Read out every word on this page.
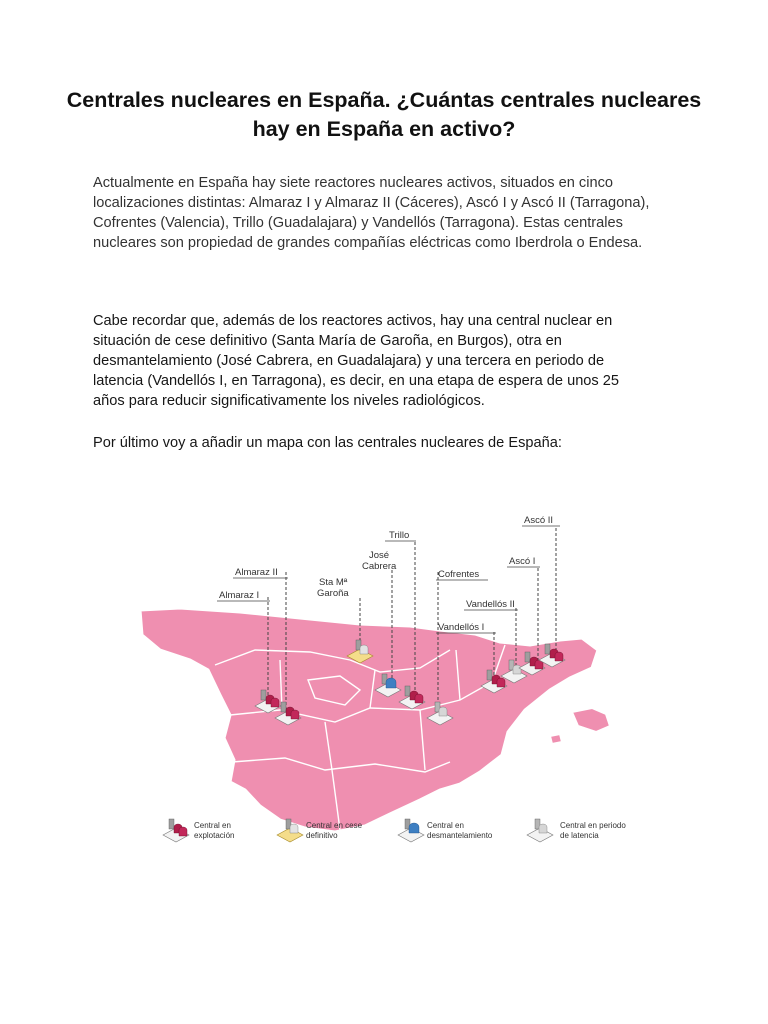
Centrales nucleares en España. ¿Cuántas centrales nucleares hay en España en activo?

Actualmente en España hay siete reactores nucleares activos, situados en cinco localizaciones distintas: Almaraz I y Almaraz II (Cáceres), Ascó I y Ascó II (Tarragona), Cofrentes (Valencia), Trillo (Guadalajara) y Vandellós (Tarragona). Estas centrales nucleares son propiedad de grandes compañías eléctricas como Iberdrola o Endesa.

Cabe recordar que, además de los reactores activos, hay una central nuclear en situación de cese definitivo (Santa María de Garoña, en Burgos), otra en desmantelamiento (José Cabrera, en Guadalajara) y una tercera en periodo de latencia (Vandellós I, en Tarragona), es decir, en una etapa de espera de unos 25 años para reducir significativamente los niveles radiológicos.

Por último voy a añadir un mapa con las centrales nucleares de España:

Ascó II
Trillo
José
Cabrera	Ascó I
Almaraz II	Cofrentes
Sta Mª
Garoña
Almaraz I
Vandellós II
Vandellós I
Central en
explotación
Central en cese
definitivo
Central en
desmantelamiento
Central en periodo
de latencia
